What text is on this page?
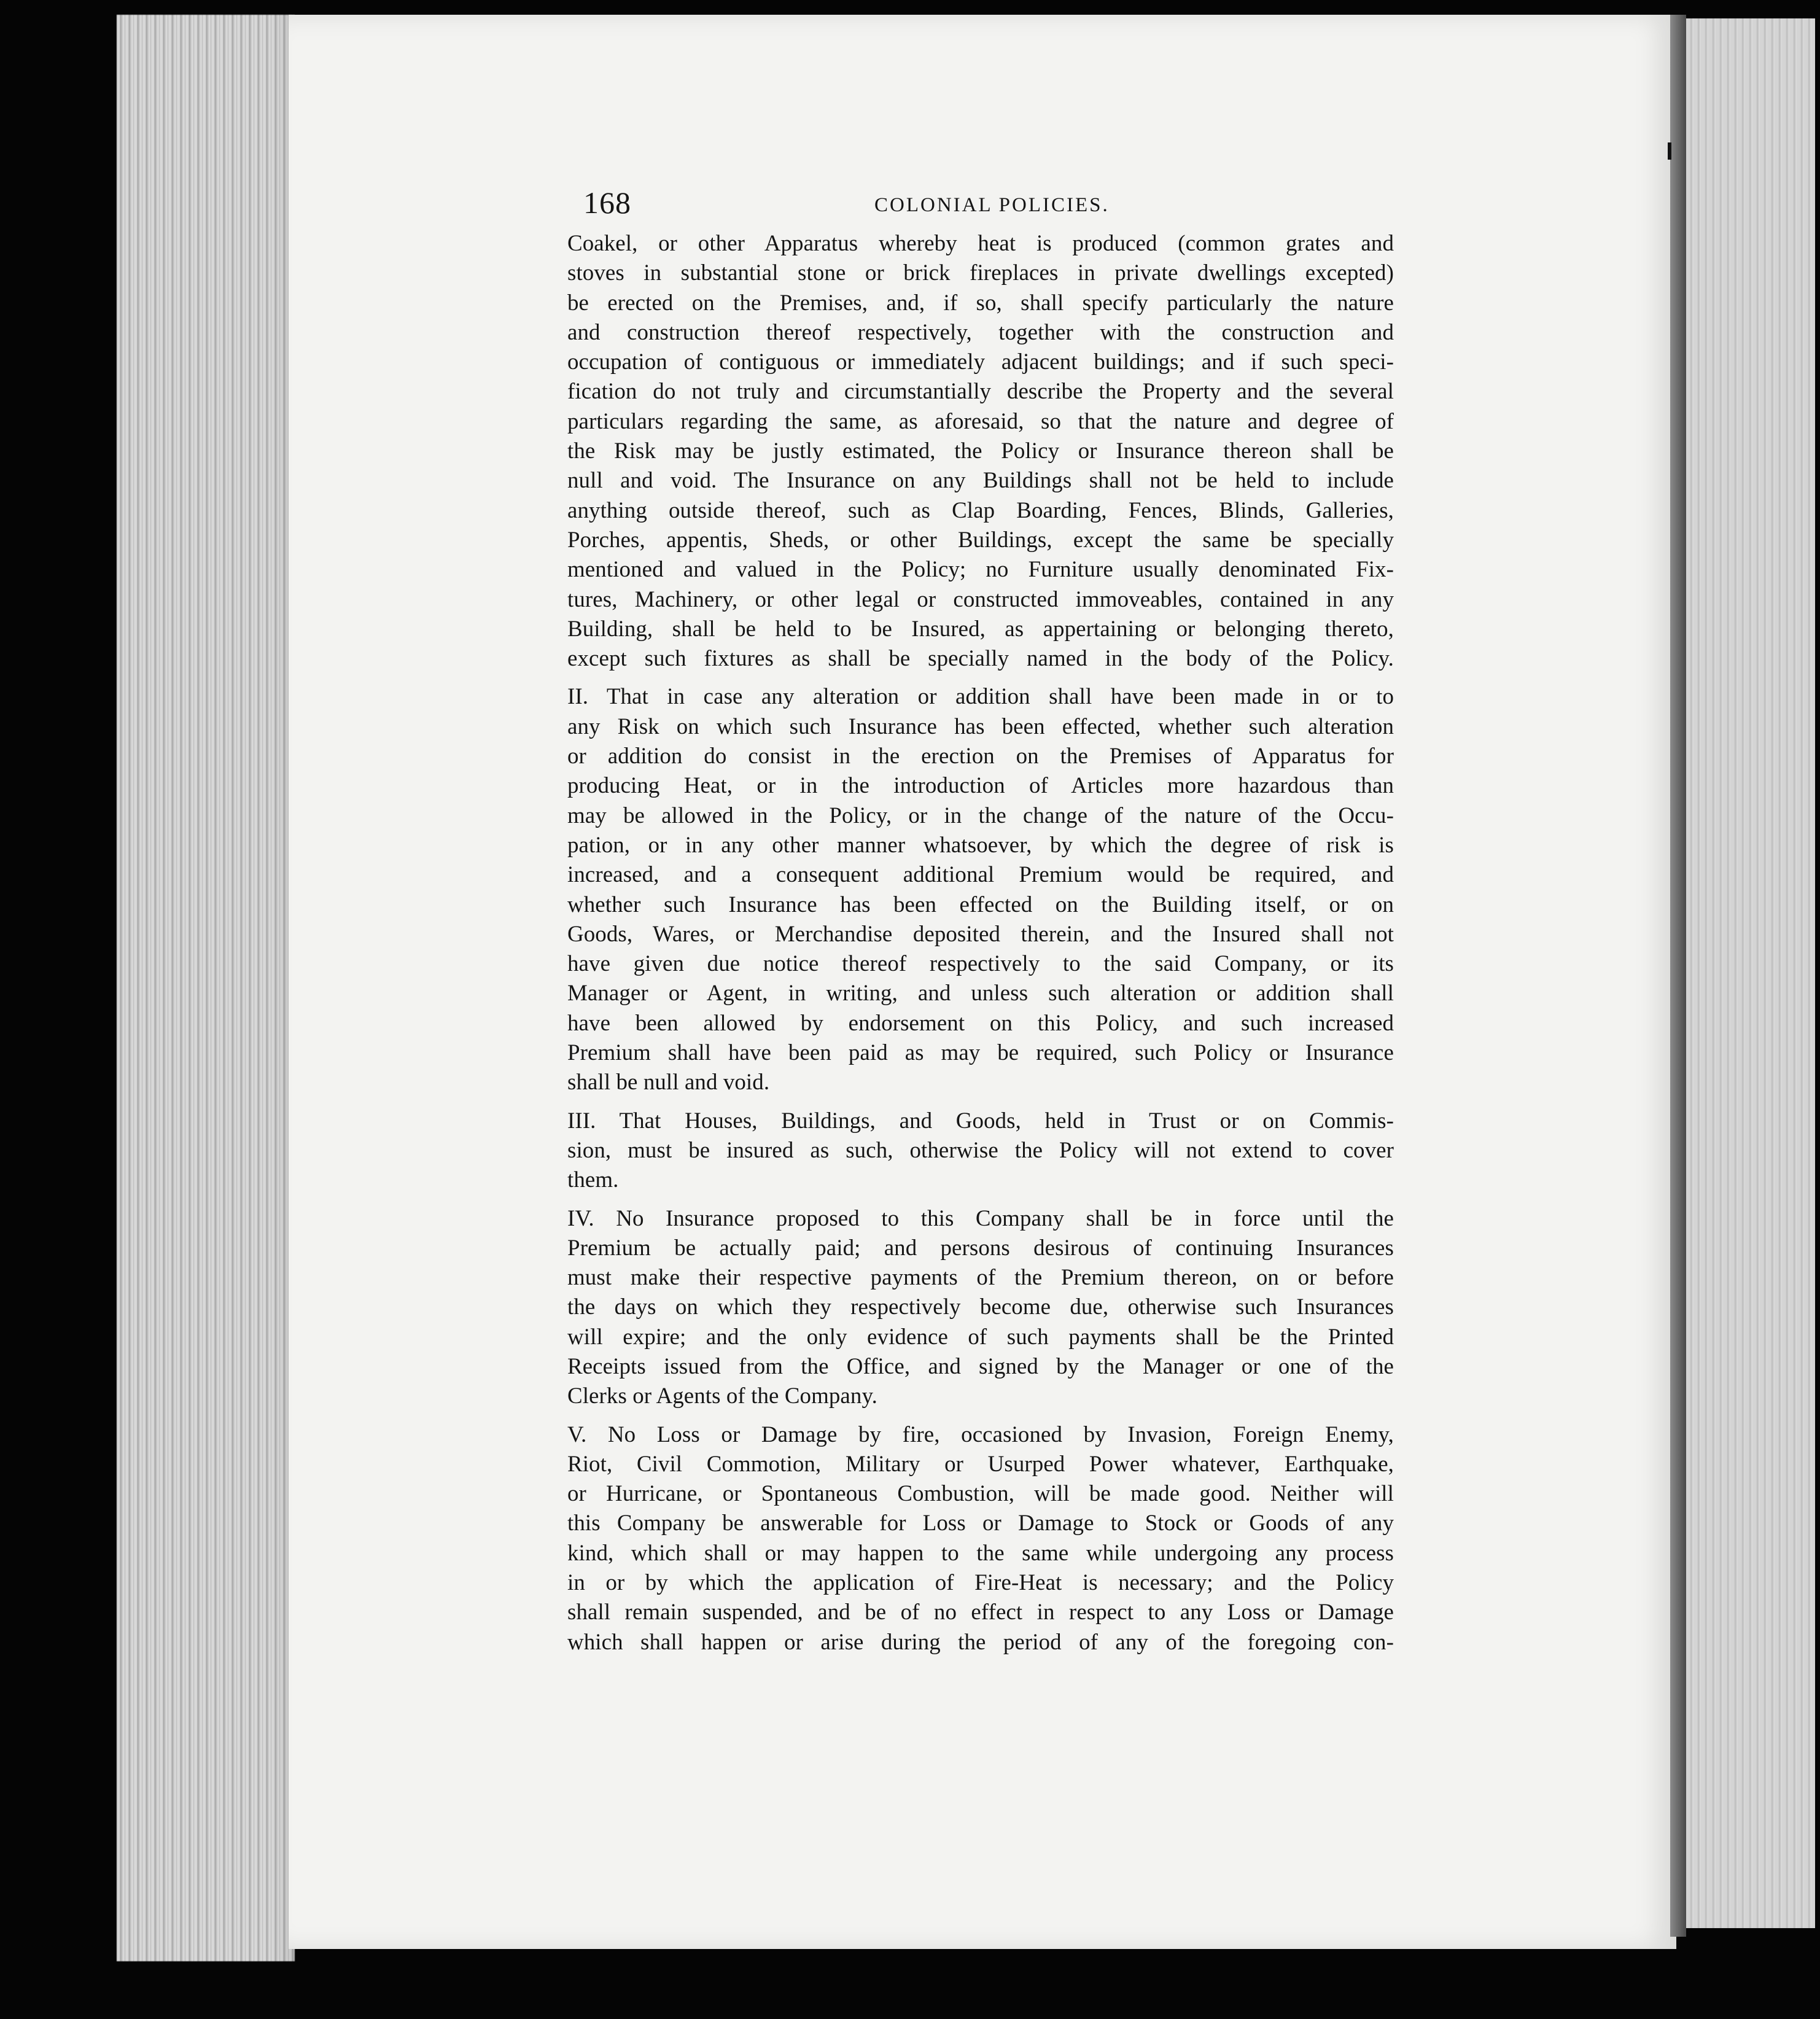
168	COLONIAL POLICIES.

Coakel, or other Apparatus whereby heat is produced (common grates and
stoves in substantial stone or brick fireplaces in private dwellings excepted)
be erected on the Premises, and, if so, shall specify particularly the nature
and construction thereof respectively, together with the construction and
occupation of contiguous or immediately adjacent buildings; and if such speci-
fication do not truly and circumstantially describe the Property and the several
particulars regarding the same, as aforesaid, so that the nature and degree of
the Risk may be justly estimated, the Policy or Insurance thereon shall be
null and void. The Insurance on any Buildings shall not be held to include
anything outside thereof, such as Clap Boarding, Fences, Blinds, Galleries,
Porches, appentis, Sheds, or other Buildings, except the same be specially
mentioned and valued in the Policy; no Furniture usually denominated Fix-
tures, Machinery, or other legal or constructed immoveables, contained in any
Building, shall be held to be Insured, as appertaining or belonging thereto,
except such fixtures as shall be specially named in the body of the Policy.

II. That in case any alteration or addition shall have been made in or to
any Risk on which such Insurance has been effected, whether such alteration
or addition do consist in the erection on the Premises of Apparatus for
producing Heat, or in the introduction of Articles more hazardous than
may be allowed in the Policy, or in the change of the nature of the Occu-
pation, or in any other manner whatsoever, by which the degree of risk is
increased, and a consequent additional Premium would be required, and
whether such Insurance has been effected on the Building itself, or on
Goods, Wares, or Merchandise deposited therein, and the Insured shall not
have given due notice thereof respectively to the said Company, or its
Manager or Agent, in writing, and unless such alteration or addition shall
have been allowed by endorsement on this Policy, and such increased
Premium shall have been paid as may be required, such Policy or Insurance
shall be null and void.

III. That Houses, Buildings, and Goods, held in Trust or on Commis-
sion, must be insured as such, otherwise the Policy will not extend to cover
them.

IV. No Insurance proposed to this Company shall be in force until the
Premium be actually paid; and persons desirous of continuing Insurances
must make their respective payments of the Premium thereon, on or before
the days on which they respectively become due, otherwise such Insurances
will expire; and the only evidence of such payments shall be the Printed
Receipts issued from the Office, and signed by the Manager or one of the
Clerks or Agents of the Company.

V. No Loss or Damage by fire, occasioned by Invasion, Foreign Enemy,
Riot, Civil Commotion, Military or Usurped Power whatever, Earthquake,
or Hurricane, or Spontaneous Combustion, will be made good. Neither will
this Company be answerable for Loss or Damage to Stock or Goods of any
kind, which shall or may happen to the same while undergoing any process
in or by which the application of Fire-Heat is necessary; and the Policy
shall remain suspended, and be of no effect in respect to any Loss or Damage
which shall happen or arise during the period of any of the foregoing con-
